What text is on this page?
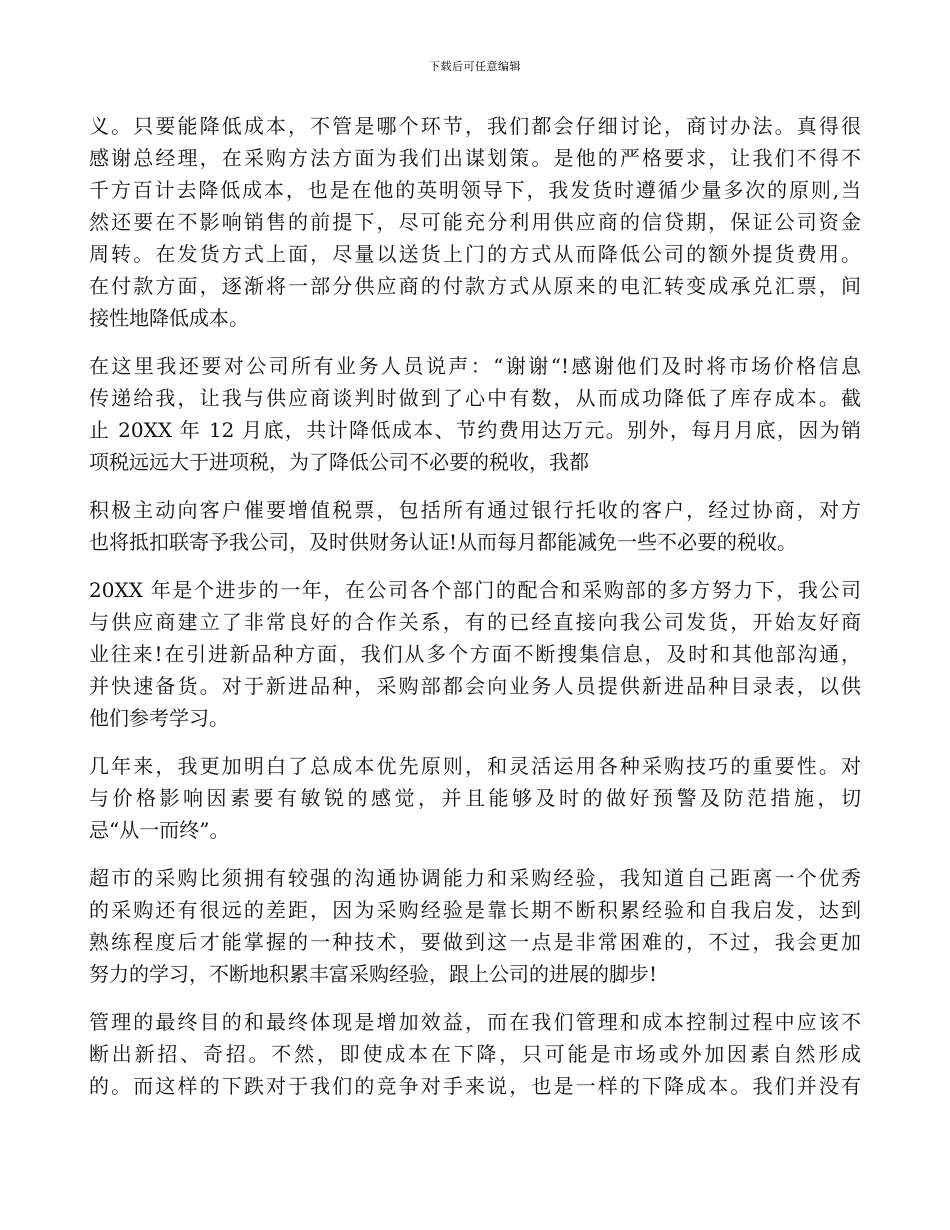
下载后可任意编辑
义。只要能降低成本，不管是哪个环节，我们都会仔细讨论，商讨办法。真得很
感谢总经理，在采购方法方面为我们出谋划策。是他的严格要求，让我们不得不
千方百计去降低成本，也是在他的英明领导下，我发货时遵循少量多次的原则,当
然还要在不影响销售的前提下，尽可能充分利用供应商的信贷期，保证公司资金
周转。在发货方式上面，尽量以送货上门的方式从而降低公司的额外提货费用。
在付款方面，逐渐将一部分供应商的付款方式从原来的电汇转变成承兑汇票，间
接性地降低成本。
在这里我还要对公司所有业务人员说声：“谢谢“!感谢他们及时将市场价格信息
传递给我，让我与供应商谈判时做到了心中有数，从而成功降低了库存成本。截
止 20XX 年 12 月底，共计降低成本、节约费用达万元。别外，每月月底，因为销
项税远远大于进项税，为了降低公司不必要的税收，我都
积极主动向客户催要增值税票，包括所有通过银行托收的客户，经过协商，对方
也将抵扣联寄予我公司，及时供财务认证!从而每月都能减免一些不必要的税收。
20XX 年是个进步的一年，在公司各个部门的配合和采购部的多方努力下，我公司
与供应商建立了非常良好的合作关系，有的已经直接向我公司发货，开始友好商
业往来!在引进新品种方面，我们从多个方面不断搜集信息，及时和其他部沟通，
并快速备货。对于新进品种，采购部都会向业务人员提供新进品种目录表，以供
他们参考学习。
几年来，我更加明白了总成本优先原则，和灵活运用各种采购技巧的重要性。对
与价格影响因素要有敏锐的感觉，并且能够及时的做好预警及防范措施，切
忌“从一而终”。
超市的采购比须拥有较强的沟通协调能力和采购经验，我知道自己距离一个优秀
的采购还有很远的差距，因为采购经验是靠长期不断积累经验和自我启发，达到
熟练程度后才能掌握的一种技术，要做到这一点是非常困难的，不过，我会更加
努力的学习，不断地积累丰富采购经验，跟上公司的进展的脚步!
管理的最终目的和最终体现是增加效益，而在我们管理和成本控制过程中应该不
断出新招、奇招。不然，即使成本在下降，只可能是市场或外加因素自然形成
的。而这样的下跌对于我们的竞争对手来说，也是一样的下降成本。我们并没有
